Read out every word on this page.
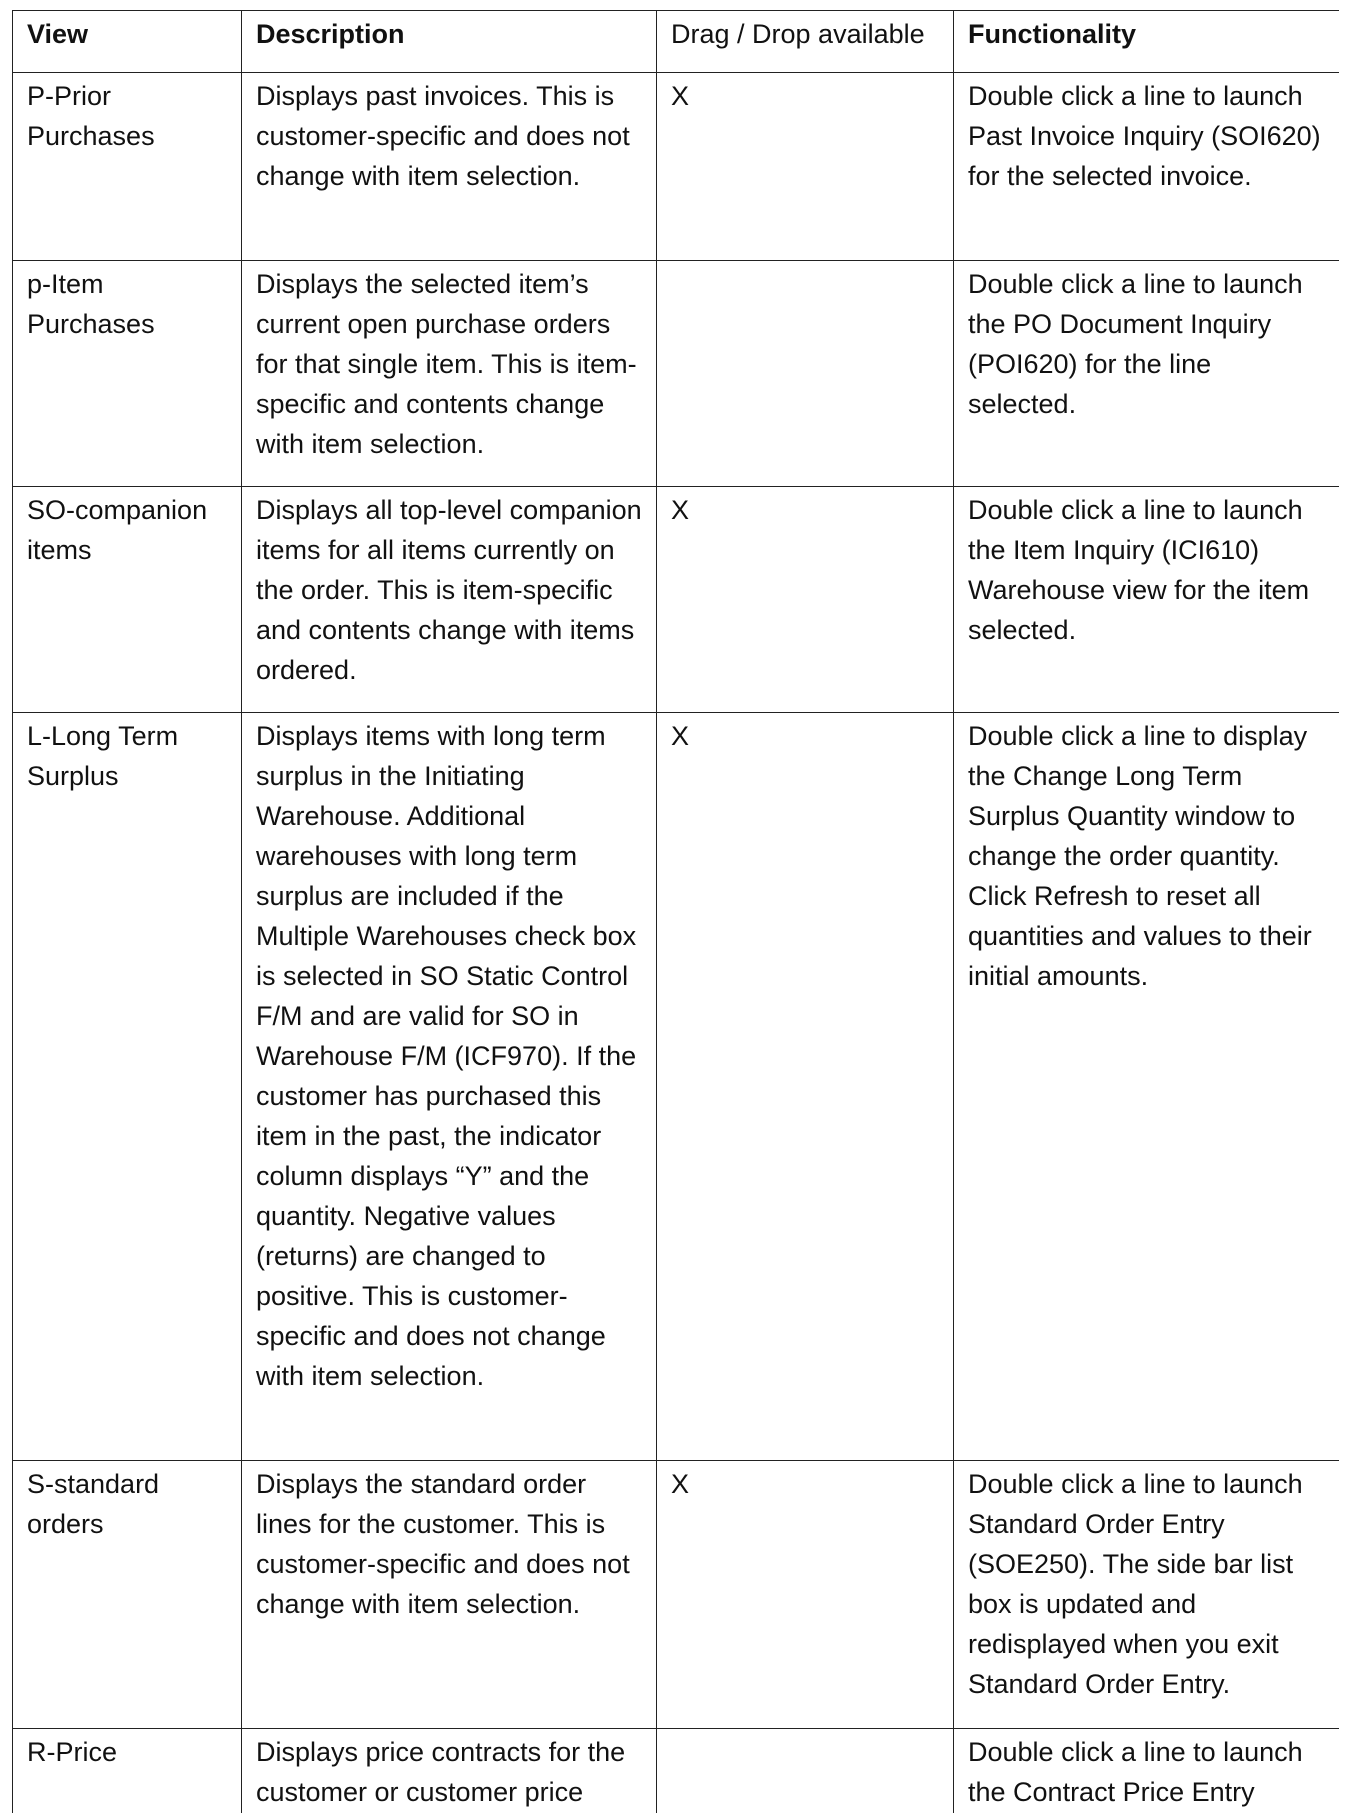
View	Description	Drag / Drop available	Functionality
P-Prior Purchases	Displays past invoices. This is customer-specific and does not change with item selection.	X	Double click a line to launch Past Invoice Inquiry (SOI620) for the selected invoice.
p-Item Purchases	Displays the selected item’s current open purchase orders for that single item. This is item-specific and contents change with item selection.		Double click a line to launch the PO Document Inquiry (POI620) for the line selected.
SO-companion items	Displays all top-level companion items for all items currently on the order. This is item-specific and contents change with items ordered.	X	Double click a line to launch the Item Inquiry (ICI610) Warehouse view for the item selected.
L-Long Term Surplus	Displays items with long term surplus in the Initiating Warehouse. Additional warehouses with long term surplus are included if the Multiple Warehouses check box is selected in SO Static Control F/M and are valid for SO in Warehouse F/M (ICF970). If the customer has purchased this item in the past, the indicator column displays “Y” and the quantity. Negative values (returns) are changed to positive. This is customer-specific and does not change with item selection.	X	Double click a line to display the Change Long Term Surplus Quantity window to change the order quantity. Click Refresh to reset all quantities and values to their initial amounts.
S-standard orders	Displays the standard order lines for the customer. This is customer-specific and does not change with item selection.	X	Double click a line to launch Standard Order Entry (SOE250). The side bar list box is updated and redisplayed when you exit Standard Order Entry.
R-Price	Displays price contracts for the customer or customer price		Double click a line to launch the Contract Price Entry
